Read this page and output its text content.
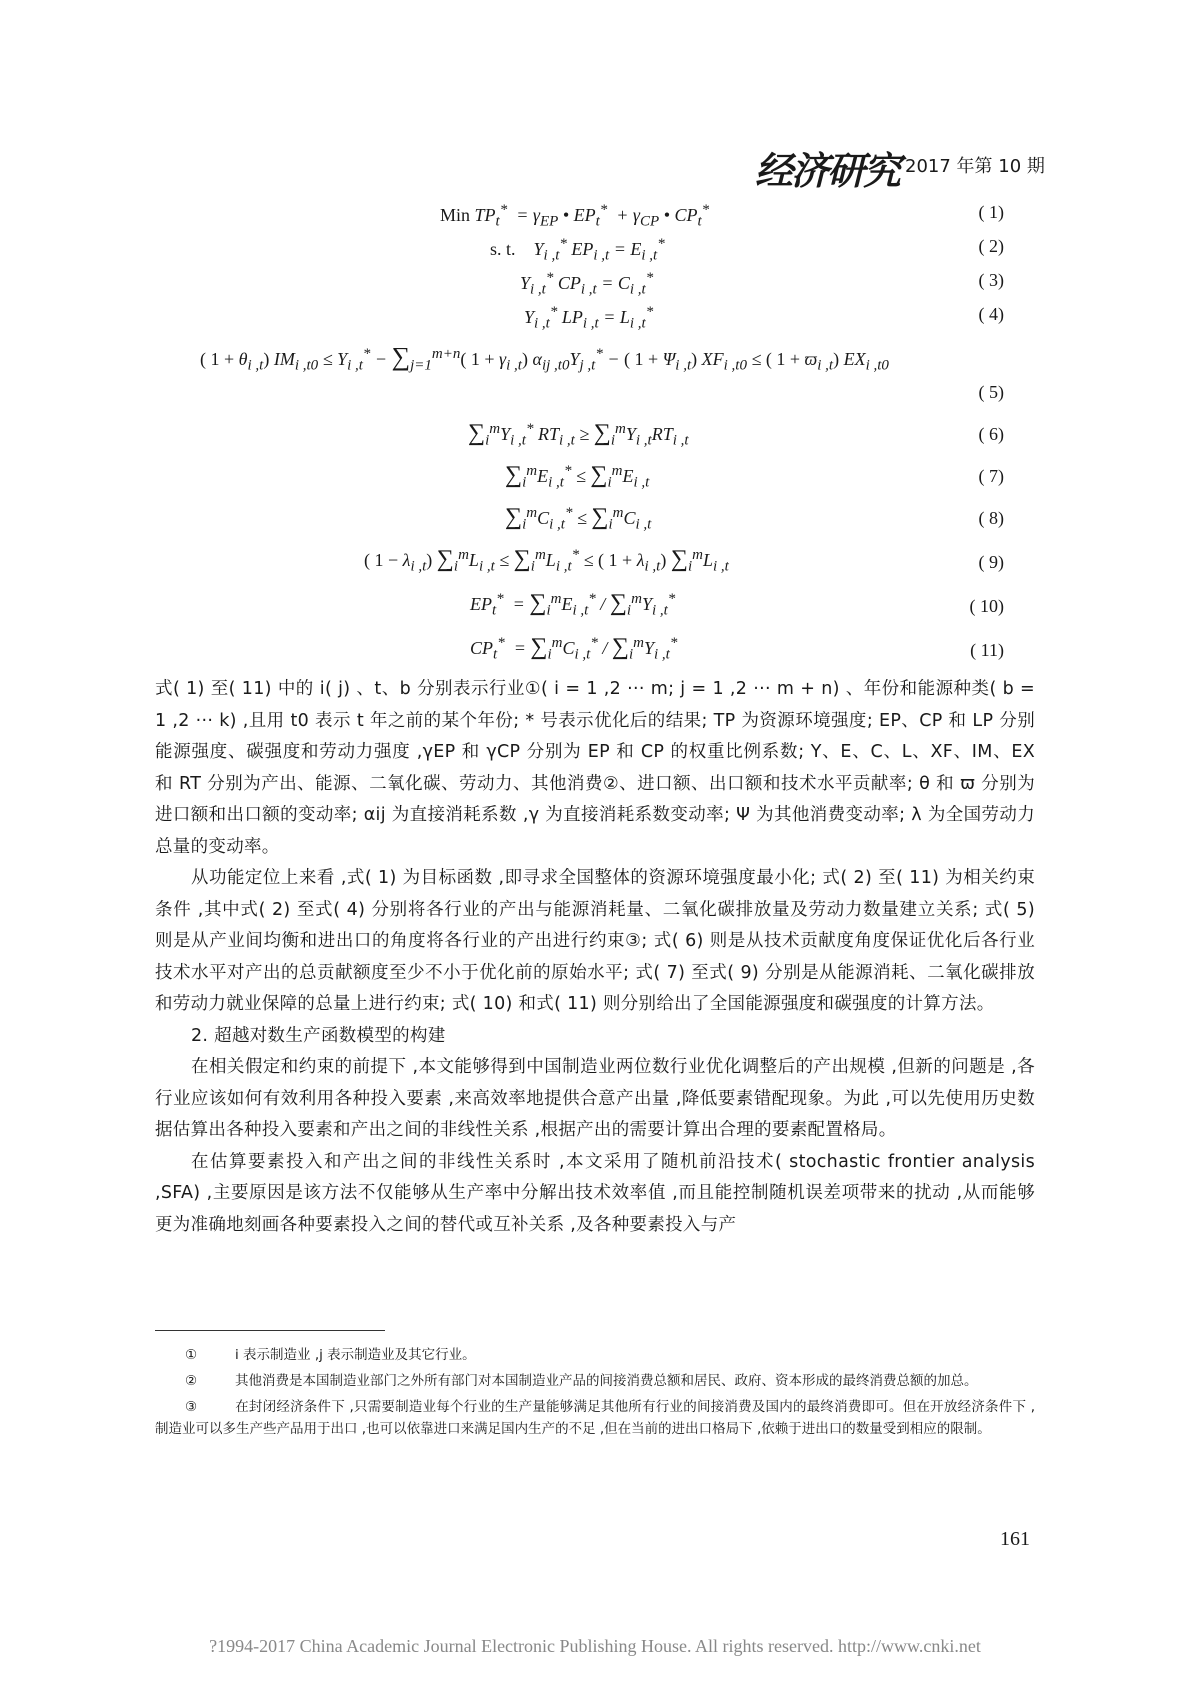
经济研究 2017 年第 10 期
Min $TP_t^* = \gamma_{EP}$ • $EP_t^* + \gamma_{CP}$ • $CP_t^*$	( 1)
s. t.    $Y_{i ,t}^*$ $EP_{i ,t} = E_{i ,t}^*$	( 2)
$Y_{i ,t}^*$ $CP_{i ,t} = C_{i ,t}^*$	( 3)
$Y_{i ,t}^*$ $LP_{i ,t} = L_{i ,t}^*$	( 4)
( $1 + \theta_{i ,t}$) $IM_{i ,t0} \le Y_{i ,t}^* - \sum_{j=1}^{m+n}$( $1 + \gamma_{i ,t}$) $\alpha_{ij ,t0}Y_{j ,t}^*$ − ( $1 + \Psi_{i ,t}$) $XF_{i ,t0}$ ≤ ( $1 + ϖ_{i ,t}$) $EX_{i ,t0}$
( 5)
$\sum_i^mY_{i ,t}^*$ $RT_{i ,t} \ge \sum_i^mY_{i ,t}RT_{i ,t}$	( 6)
$\sum_i^mE_{i ,t}^* \le \sum_i^mE_{i ,t}$	( 7)
$\sum_i^mC_{i ,t}^* \le \sum_i^mC_{i ,t}$	( 8)
( $1 - \lambda_{i ,t}$) $\sum_i^mL_{i ,t} \le \sum_i^mL_{i ,t}^*$ ≤ ( $1 + \lambda_{i ,t}$) $\sum_i^mL_{i ,t}$	( 9)
$EP_t^* = \sum_i^mE_{i ,t}^* / \sum_i^mY_{i ,t}^*$	( 10)
$CP_t^* = \sum_i^mC_{i ,t}^* / \sum_i^mY_{i ,t}^*$	( 11)

式( 1) 至( 11) 中的 i( j) 、t、b 分别表示行业①( i = 1 ,2 ··· m; j = 1 ,2 ··· m + n) 、年份和能源种类( b = 1 ,2 ··· k) ,且用 t0 表示 t 年之前的某个年份; * 号表示优化后的结果; TP 为资源环境强度; EP、CP 和 LP 分别能源强度、碳强度和劳动力强度 ,γEP 和 γCP 分别为 EP 和 CP 的权重比例系数; Y、E、C、L、XF、IM、EX 和 RT 分别为产出、能源、二氧化碳、劳动力、其他消费②、进口额、出口额和技术水平贡献率; θ 和 ϖ 分别为进口额和出口额的变动率; αij 为直接消耗系数 ,γ 为直接消耗系数变动率; Ψ 为其他消费变动率; λ 为全国劳动力总量的变动率。

从功能定位上来看 ,式( 1) 为目标函数 ,即寻求全国整体的资源环境强度最小化; 式( 2) 至( 11) 为相关约束条件 ,其中式( 2) 至式( 4) 分别将各行业的产出与能源消耗量、二氧化碳排放量及劳动力数量建立关系; 式( 5) 则是从产业间均衡和进出口的角度将各行业的产出进行约束③; 式( 6) 则是从技术贡献度角度保证优化后各行业技术水平对产出的总贡献额度至少不小于优化前的原始水平; 式( 7) 至式( 9) 分别是从能源消耗、二氧化碳排放和劳动力就业保障的总量上进行约束; 式( 10) 和式( 11) 则分别给出了全国能源强度和碳强度的计算方法。

2. 超越对数生产函数模型的构建

在相关假定和约束的前提下 ,本文能够得到中国制造业两位数行业优化调整后的产出规模 ,但新的问题是 ,各行业应该如何有效利用各种投入要素 ,来高效率地提供合意产出量 ,降低要素错配现象。为此 ,可以先使用历史数据估算出各种投入要素和产出之间的非线性关系 ,根据产出的需要计算出合理的要素配置格局。

在估算要素投入和产出之间的非线性关系时 ,本文采用了随机前沿技术( stochastic frontier analysis ,SFA) ,主要原因是该方法不仅能够从生产率中分解出技术效率值 ,而且能控制随机误差项带来的扰动 ,从而能够更为准确地刻画各种要素投入之间的替代或互补关系 ,及各种要素投入与产

①	i 表示制造业 ,j 表示制造业及其它行业。

②	其他消费是本国制造业部门之外所有部门对本国制造业产品的间接消费总额和居民、政府、资本形成的最终消费总额的加总。

③	在封闭经济条件下 ,只需要制造业每个行业的生产量能够满足其他所有行业的间接消费及国内的最终消费即可。但在开放经济条件下 ,制造业可以多生产些产品用于出口 ,也可以依靠进口来满足国内生产的不足 ,但在当前的进出口格局下 ,依赖于进出口的数量受到相应的限制。

161
?1994-2017 China Academic Journal Electronic Publishing House. All rights reserved. http://www.cnki.net
